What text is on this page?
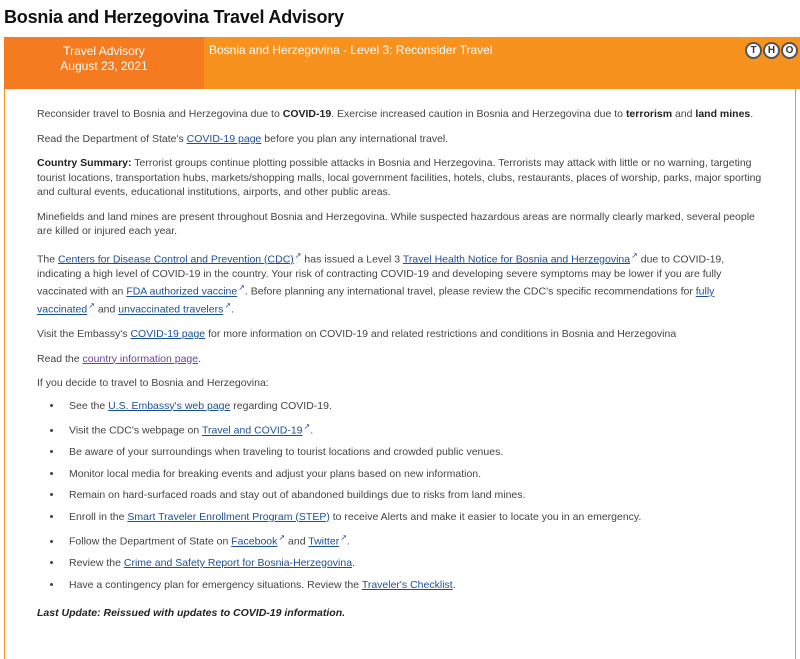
Bosnia and Herzegovina Travel Advisory
Travel Advisory
August 23, 2021
Bosnia and Herzegovina - Level 3: Reconsider Travel	T	H	O

Reconsider travel to Bosnia and Herzegovina due to COVID-19. Exercise increased caution in Bosnia and Herzegovina due to terrorism and land mines.

Read the Department of State's COVID-19 page before you plan any international travel.

Country Summary: Terrorist groups continue plotting possible attacks in Bosnia and Herzegovina. Terrorists may attack with little or no warning, targeting tourist locations, transportation hubs, markets/shopping malls, local government facilities, hotels, clubs, restaurants, places of worship, parks, major sporting and cultural events, educational institutions, airports, and other public areas.

Minefields and land mines are present throughout Bosnia and Herzegovina. While suspected hazardous areas are normally clearly marked, several people are killed or injured each year.

The Centers for Disease Control and Prevention (CDC)↗ has issued a Level 3 Travel Health Notice for Bosnia and Herzegovina↗ due to COVID-19, indicating a high level of COVID-19 in the country. Your risk of contracting COVID-19 and developing severe symptoms may be lower if you are fully vaccinated with an FDA authorized vaccine↗. Before planning any international travel, please review the CDC's specific recommendations for fully vaccinated↗ and unvaccinated travelers↗.

Visit the Embassy's COVID-19 page for more information on COVID-19 and related restrictions and conditions in Bosnia and Herzegovina

Read the country information page.

If you decide to travel to Bosnia and Herzegovina:

• See the U.S. Embassy's web page regarding COVID-19.
• Visit the CDC's webpage on Travel and COVID-19↗.
• Be aware of your surroundings when traveling to tourist locations and crowded public venues.
• Monitor local media for breaking events and adjust your plans based on new information.
• Remain on hard-surfaced roads and stay out of abandoned buildings due to risks from land mines.
• Enroll in the Smart Traveler Enrollment Program (STEP) to receive Alerts and make it easier to locate you in an emergency.
• Follow the Department of State on Facebook↗ and Twitter↗.
• Review the Crime and Safety Report for Bosnia-Herzegovina.
• Have a contingency plan for emergency situations. Review the Traveler's Checklist.

Last Update: Reissued with updates to COVID-19 information.
